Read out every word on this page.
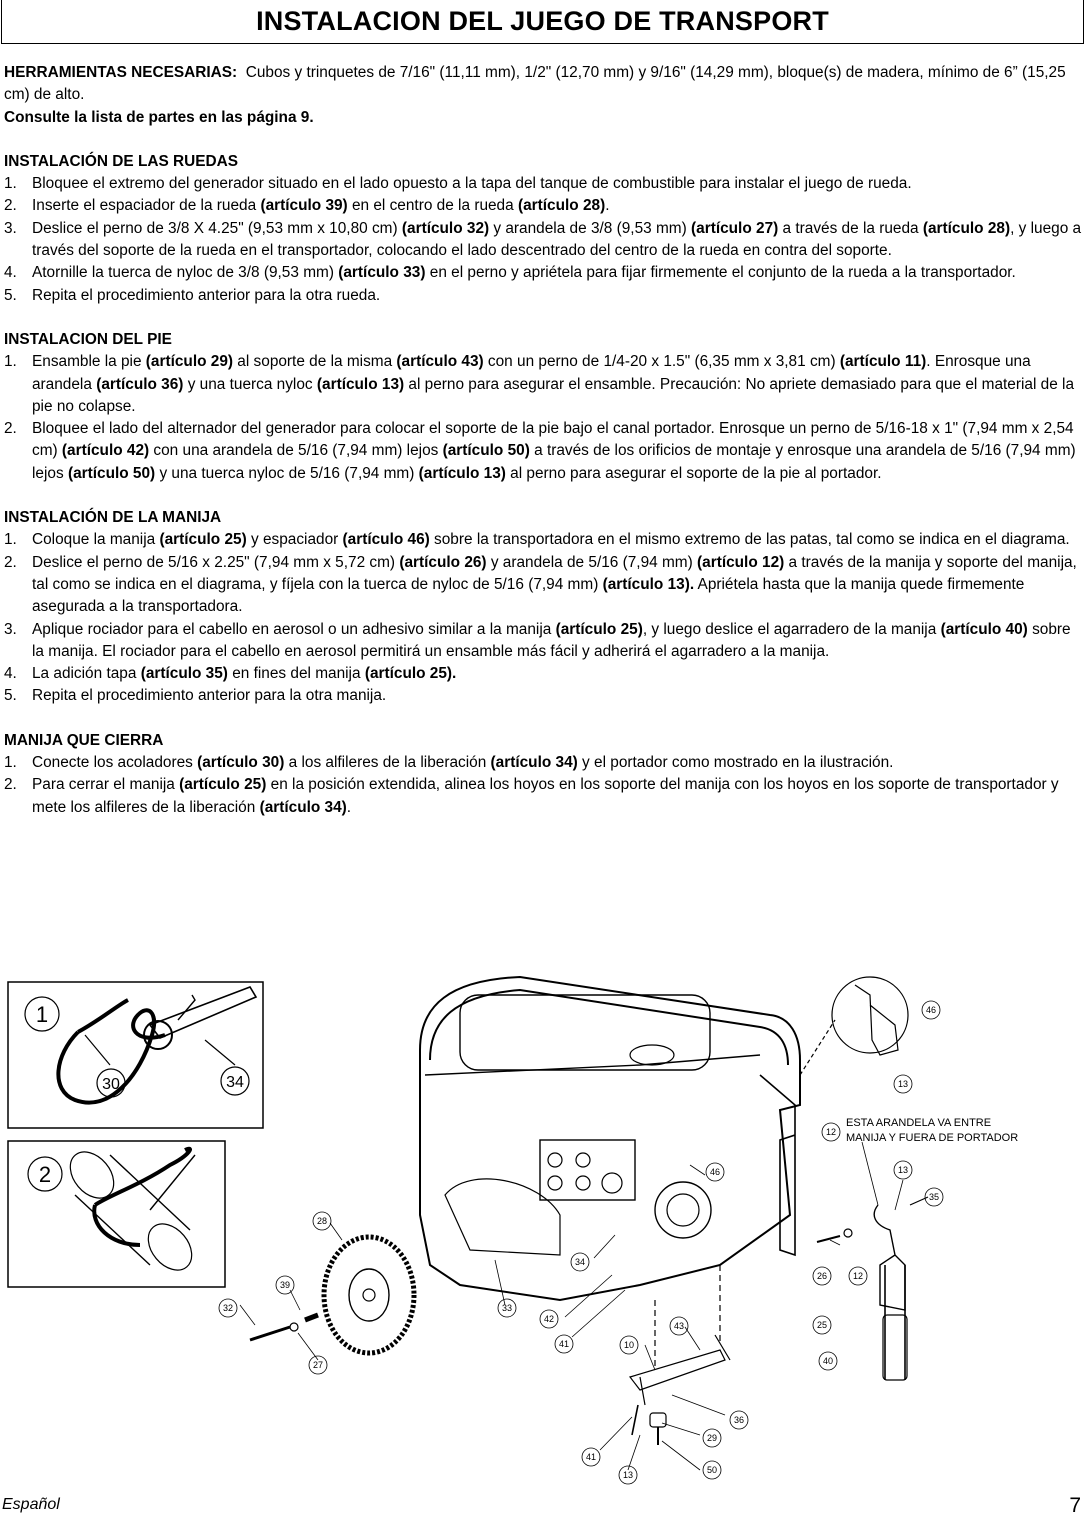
INSTALACION DEL JUEGO DE TRANSPORT

HERRAMIENTAS NECESARIAS: Cubos y trinquetes de 7/16" (11,11 mm), 1/2" (12,70 mm) y 9/16" (14,29 mm), bloque(s) de madera, mínimo de 6” (15,25 cm) de alto.

Consulte la lista de partes en las página 9.

INSTALACIÓN DE LAS RUEDAS

1. Bloquee el extremo del generador situado en el lado opuesto a la tapa del tanque de combustible para instalar el juego de rueda.
2. Inserte el espaciador de la rueda (artículo 39) en el centro de la rueda (artículo 28).
3. Deslice el perno de 3/8 X 4.25" (9,53 mm x 10,80 cm) (artículo 32) y arandela de 3/8 (9,53 mm) (artículo 27) a través de la rueda (artículo 28), y luego a través del soporte de la rueda en el transportador, colocando el lado descentrado del centro de la rueda en contra del soporte.
4. Atornille la tuerca de nyloc de 3/8 (9,53 mm) (artículo 33) en el perno y apriétela para fijar firmemente el conjunto de la rueda a la transportador.
5. Repita el procedimiento anterior para la otra rueda.

INSTALACION DEL PIE

1. Ensamble la pie (artículo 29) al soporte de la misma (artículo 43) con un perno de 1/4-20 x 1.5" (6,35 mm x 3,81 cm) (artículo 11). Enrosque una arandela (artículo 36) y una tuerca nyloc (artículo 13) al perno para asegurar el ensamble. Precaución: No apriete demasiado para que el material de la pie no colapse.
2. Bloquee el lado del alternador del generador para colocar el soporte de la pie bajo el canal portador. Enrosque un perno de 5/16-18 x 1" (7,94 mm x 2,54 cm) (artículo 42) con una arandela de 5/16 (7,94 mm) lejos (artículo 50) a través de los orificios de montaje y enrosque una arandela de 5/16 (7,94 mm) lejos (artículo 50) y una tuerca nyloc de 5/16 (7,94 mm) (artículo 13) al perno para asegurar el soporte de la pie al portador.

INSTALACIÓN DE LA MANIJA

1. Coloque la manija (artículo 25) y espaciador (artículo 46) sobre la transportadora en el mismo extremo de las patas, tal como se indica en el diagrama.
2. Deslice el perno de 5/16 x 2.25" (7,94 mm x 5,72 cm) (artículo 26) y arandela de 5/16 (7,94 mm) (artículo 12) a través de la manija y soporte del manija, tal como se indica en el diagrama, y fíjela con la tuerca de nyloc de 5/16 (7,94 mm) (artículo 13). Apriétela hasta que la manija quede firmemente asegurada a la transportadora.
3. Aplique rociador para el cabello en aerosol o un adhesivo similar a la manija (artículo 25), y luego deslice el agarradero de la manija (artículo 40) sobre la manija. El rociador para el cabello en aerosol permitirá un ensamble más fácil y adherirá el agarradero a la manija.
4. La adición tapa (artículo 35) en fines del manija (artículo 25).
5. Repita el procedimiento anterior para la otra manija.

MANIJA QUE CIERRA

1. Conecte los acoladores (artículo 30) a los alfileres de la liberación (artículo 34) y el portador como mostrado en la ilustración.
2. Para cerrar el manija (artículo 25) en la posición extendida, alinea los hoyos en los soporte del manija con los hoyos en los soporte de transportador y mete los alfileres de la liberación (artículo 34).
1
30	34
2
ESTA ARANDELA VA ENTRE
MANIJA Y FUERA DE PORTADOR
46
13
12
13
35
46
26	12
25
40
28
34
39
32	33
42
27
41	10
43
36
29
41
13	50
Español	7
